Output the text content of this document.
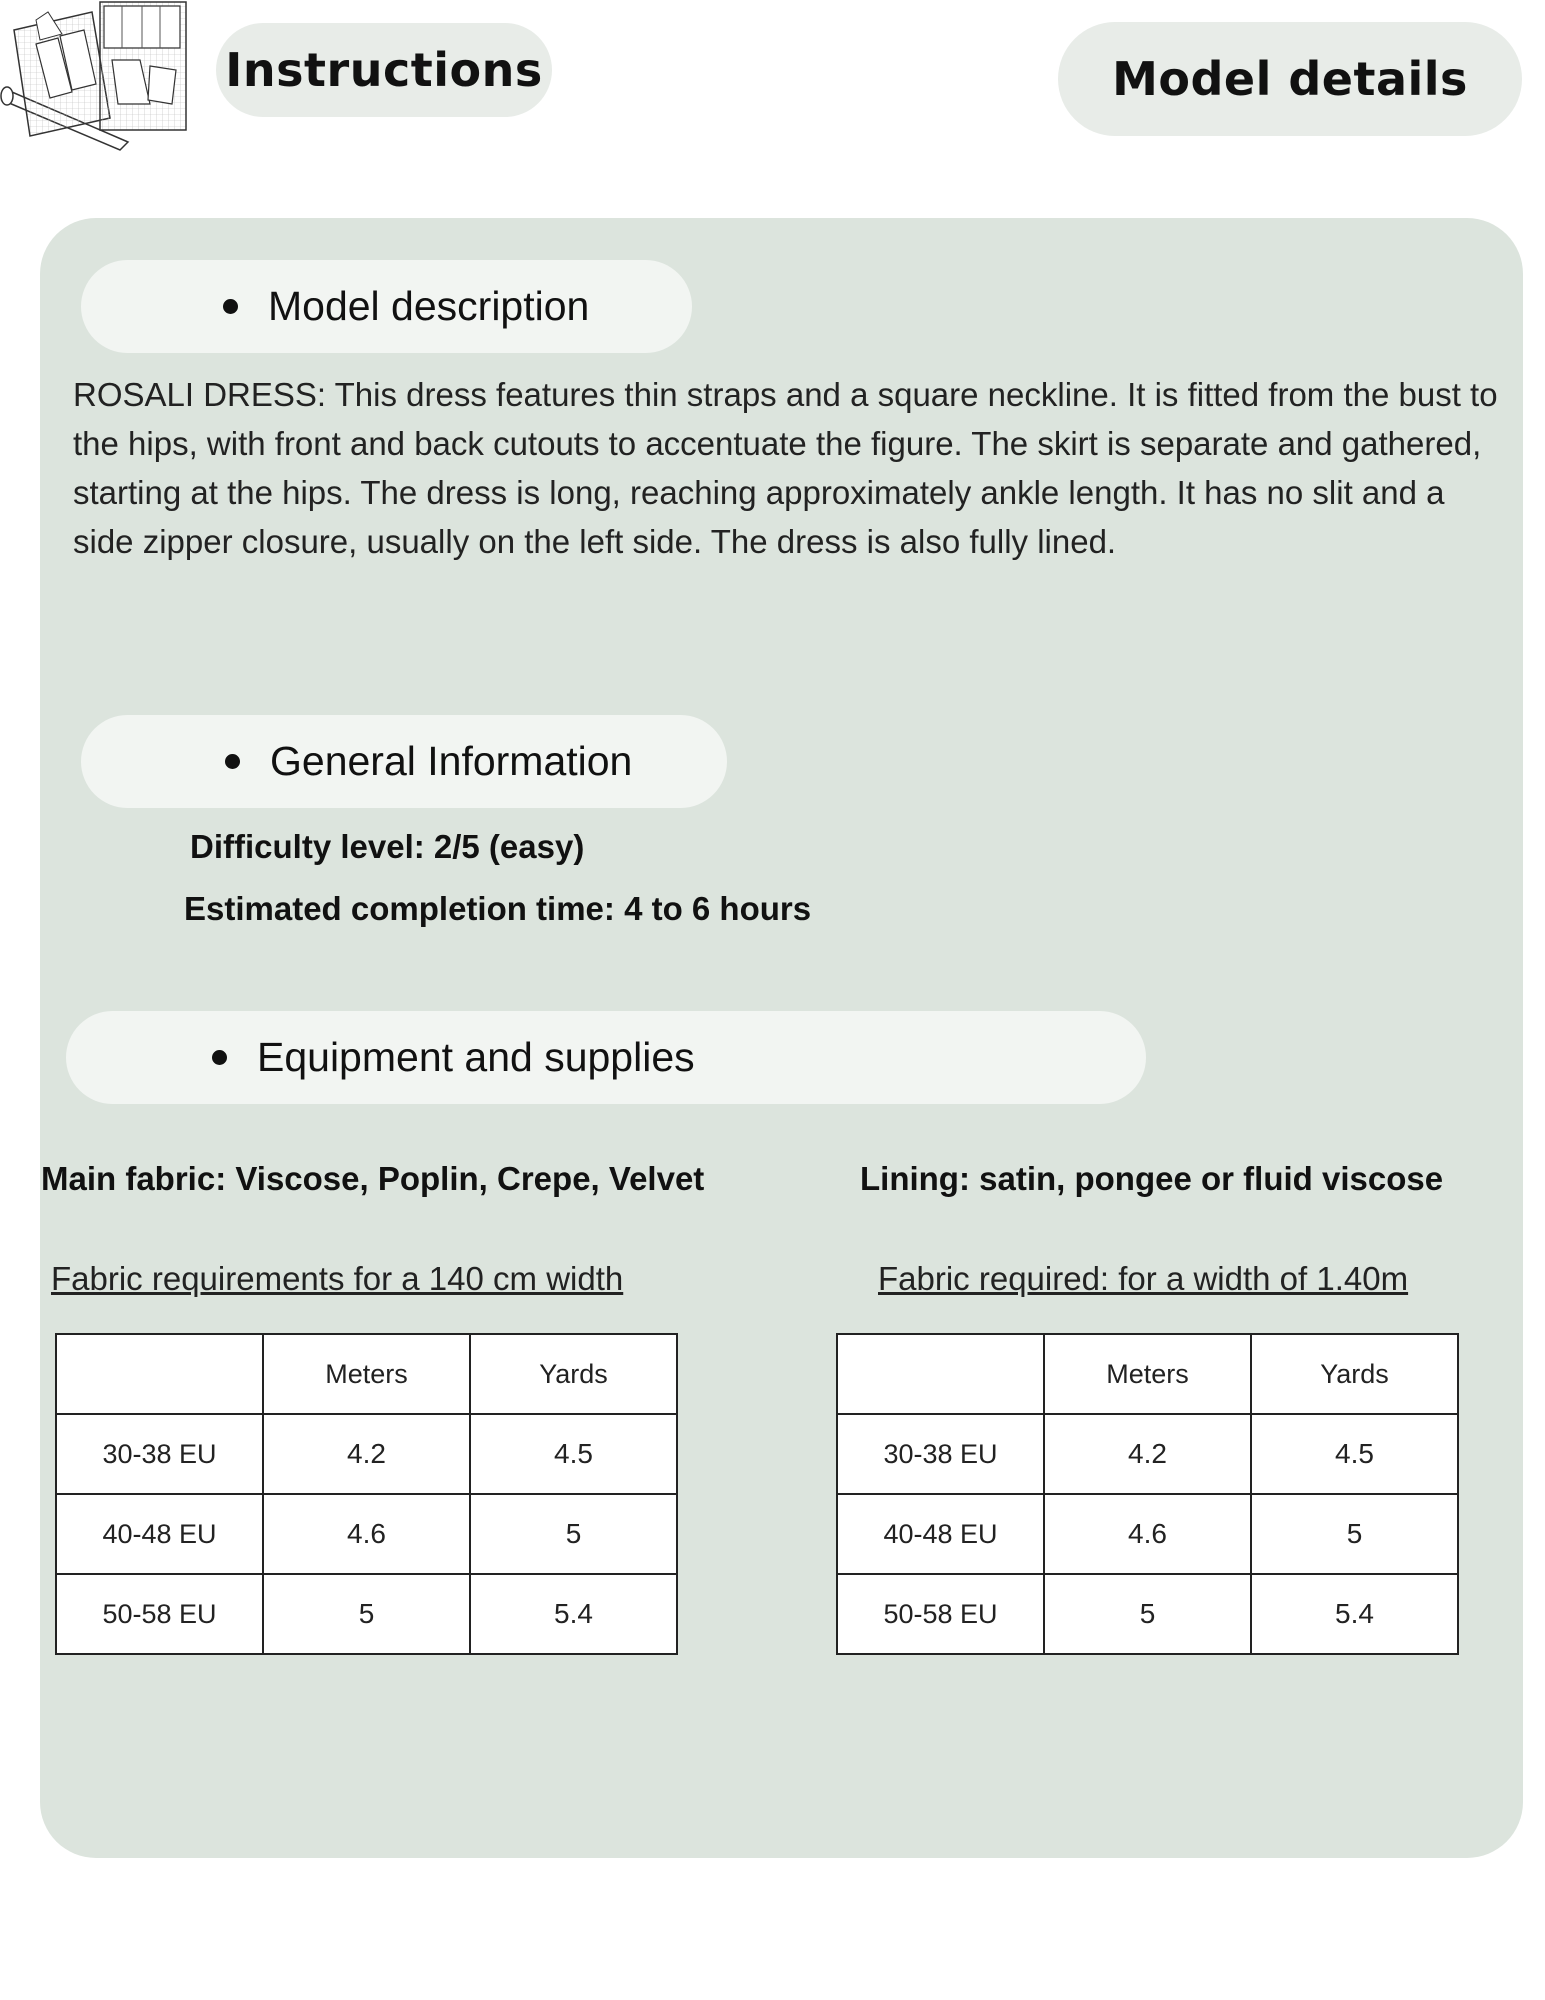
Instructions	Model details
Model description
ROSALI DRESS: This dress features thin straps and a square neckline. It is fitted from the bust to the hips, with front and back cutouts to accentuate the figure. The skirt is separate and gathered, starting at the hips. The dress is long, reaching approximately ankle length. It has no slit and a side zipper closure, usually on the left side. The dress is also fully lined.
General Information
Difficulty level: 2/5 (easy)
Estimated completion time: 4 to 6 hours
Equipment and supplies
Main fabric: Viscose, Poplin, Crepe, Velvet	Lining: satin, pongee or fluid viscose
Fabric requirements for a 140 cm width	Fabric required: for a width of 1.40m
	Meters	Yards
30-38 EU	4.2	4.5
40-48 EU	4.6	5
50-58 EU	5	5.4
	Meters	Yards
30-38 EU	4.2	4.5
40-48 EU	4.6	5
50-58 EU	5	5.4
